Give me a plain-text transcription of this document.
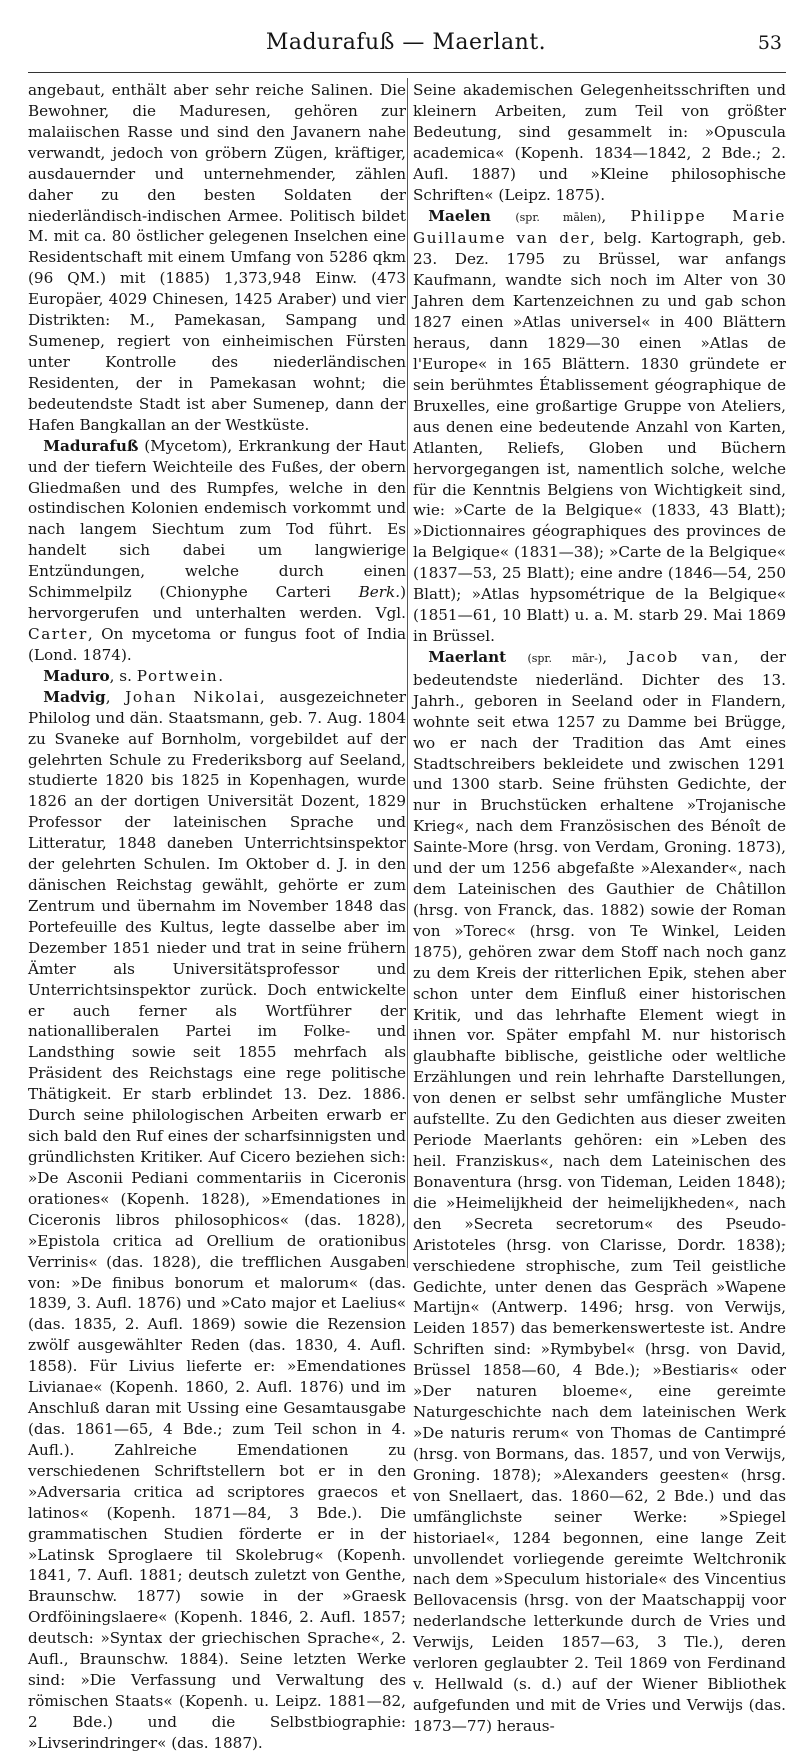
Madurafuß — Maerlant.	53

angebaut, enthält aber sehr reiche Salinen. Die Bewohner, die Maduresen, gehören zur malaiischen Rasse und sind den Javanern nahe verwandt, jedoch von gröbern Zügen, kräftiger, ausdauernder und unternehmender, zählen daher zu den besten Soldaten der niederländisch-indischen Armee. Politisch bildet M. mit ca. 80 östlicher gelegenen Inselchen eine Residentschaft mit einem Umfang von 5286 qkm (96 QM.) mit (1885) 1,373,948 Einw. (473 Europäer, 4029 Chinesen, 1425 Araber) und vier Distrikten: M., Pamekasan, Sampang und Sumenep, regiert von einheimischen Fürsten unter Kontrolle des niederländischen Residenten, der in Pamekasan wohnt; die bedeutendste Stadt ist aber Sumenep, dann der Hafen Bangkallan an der Westküste.

 Madurafuß (Mycetom), Erkrankung der Haut und der tiefern Weichteile des Fußes, der obern Gliedmaßen und des Rumpfes, welche in den ostindischen Kolonien endemisch vorkommt und nach langem Siechtum zum Tod führt. Es handelt sich dabei um langwierige Entzündungen, welche durch einen Schimmelpilz (Chionyphe Carteri Berk.) hervorgerufen und unterhalten werden. Vgl. Carter, On mycetoma or fungus foot of India (Lond. 1874).

 Maduro, s. Portwein.

 Madvig, Johan Nikolai, ausgezeichneter Philolog und dän. Staatsmann, geb. 7. Aug. 1804 zu Svaneke auf Bornholm, vorgebildet auf der gelehrten Schule zu Frederiksborg auf Seeland, studierte 1820 bis 1825 in Kopenhagen, wurde 1826 an der dortigen Universität Dozent, 1829 Professor der lateinischen Sprache und Litteratur, 1848 daneben Unterrichtsinspektor der gelehrten Schulen. Im Oktober d. J. in den dänischen Reichstag gewählt, gehörte er zum Zentrum und übernahm im November 1848 das Portefeuille des Kultus, legte dasselbe aber im Dezember 1851 nieder und trat in seine frühern Ämter als Universitätsprofessor und Unterrichtsinspektor zurück. Doch entwickelte er auch ferner als Wortführer der nationalliberalen Partei im Folke- und Landsthing sowie seit 1855 mehrfach als Präsident des Reichstags eine rege politische Thätigkeit. Er starb erblindet 13. Dez. 1886. Durch seine philologischen Arbeiten erwarb er sich bald den Ruf eines der scharfsinnigsten und gründlichsten Kritiker. Auf Cicero beziehen sich: »De Asconii Pediani commentariis in Ciceronis orationes« (Kopenh. 1828), »Emendationes in Ciceronis libros philosophicos« (das. 1828), »Epistola critica ad Orellium de orationibus Verrinis« (das. 1828), die trefflichen Ausgaben von: »De finibus bonorum et malorum« (das. 1839, 3. Aufl. 1876) und »Cato major et Laelius« (das. 1835, 2. Aufl. 1869) sowie die Rezension zwölf ausgewählter Reden (das. 1830, 4. Aufl. 1858). Für Livius lieferte er: »Emendationes Livianae« (Kopenh. 1860, 2. Aufl. 1876) und im Anschluß daran mit Ussing eine Gesamtausgabe (das. 1861—65, 4 Bde.; zum Teil schon in 4. Aufl.). Zahlreiche Emendationen zu verschiedenen Schriftstellern bot er in den »Adversaria critica ad scriptores graecos et latinos« (Kopenh. 1871—84, 3 Bde.). Die grammatischen Studien förderte er in der »Latinsk Sproglaere til Skolebrug« (Kopenh. 1841, 7. Aufl. 1881; deutsch zuletzt von Genthe, Braunschw. 1877) sowie in der »Graesk Ordföiningslaere« (Kopenh. 1846, 2. Aufl. 1857; deutsch: »Syntax der griechischen Sprache«, 2. Aufl., Braunschw. 1884). Seine letzten Werke sind: »Die Verfassung und Verwaltung des römischen Staats« (Kopenh. u. Leipz. 1881—82, 2 Bde.) und die Selbstbiographie: »Livserindringer« (das. 1887).

Seine akademischen Gelegenheitsschriften und kleinern Arbeiten, zum Teil von größter Bedeutung, sind gesammelt in: »Opuscula academica« (Kopenh. 1834—1842, 2 Bde.; 2. Aufl. 1887) und »Kleine philosophische Schriften« (Leipz. 1875).

 Maelen (spr. mālen), Philippe Marie Guillaume van der, belg. Kartograph, geb. 23. Dez. 1795 zu Brüssel, war anfangs Kaufmann, wandte sich noch im Alter von 30 Jahren dem Kartenzeichnen zu und gab schon 1827 einen »Atlas universel« in 400 Blättern heraus, dann 1829—30 einen »Atlas de l'Europe« in 165 Blättern. 1830 gründete er sein berühmtes Établissement géographique de Bruxelles, eine großartige Gruppe von Ateliers, aus denen eine bedeutende Anzahl von Karten, Atlanten, Reliefs, Globen und Büchern hervorgegangen ist, namentlich solche, welche für die Kenntnis Belgiens von Wichtigkeit sind, wie: »Carte de la Belgique« (1833, 43 Blatt); »Dictionnaires géographiques des provinces de la Belgique« (1831—38); »Carte de la Belgique« (1837—53, 25 Blatt); eine andre (1846—54, 250 Blatt); »Atlas hypsométrique de la Belgique« (1851—61, 10 Blatt) u. a. M. starb 29. Mai 1869 in Brüssel.

 Maerlant (spr. mār-), Jacob van, der bedeutendste niederländ. Dichter des 13. Jahrh., geboren in Seeland oder in Flandern, wohnte seit etwa 1257 zu Damme bei Brügge, wo er nach der Tradition das Amt eines Stadtschreibers bekleidete und zwischen 1291 und 1300 starb. Seine frühsten Gedichte, der nur in Bruchstücken erhaltene »Trojanische Krieg«, nach dem Französischen des Bénoît de Sainte-More (hrsg. von Verdam, Groning. 1873), und der um 1256 abgefaßte »Alexander«, nach dem Lateinischen des Gauthier de Châtillon (hrsg. von Franck, das. 1882) sowie der Roman von »Torec« (hrsg. von Te Winkel, Leiden 1875), gehören zwar dem Stoff nach noch ganz zu dem Kreis der ritterlichen Epik, stehen aber schon unter dem Einfluß einer historischen Kritik, und das lehrhafte Element wiegt in ihnen vor. Später empfahl M. nur historisch glaubhafte biblische, geistliche oder weltliche Erzählungen und rein lehrhafte Darstellungen, von denen er selbst sehr umfängliche Muster aufstellte. Zu den Gedichten aus dieser zweiten Periode Maerlants gehören: ein »Leben des heil. Franziskus«, nach dem Lateinischen des Bonaventura (hrsg. von Tideman, Leiden 1848); die »Heimelijkheid der heimelijkheden«, nach den »Secreta secretorum« des Pseudo-Aristoteles (hrsg. von Clarisse, Dordr. 1838); verschiedene strophische, zum Teil geistliche Gedichte, unter denen das Gespräch »Wapene Martijn« (Antwerp. 1496; hrsg. von Verwijs, Leiden 1857) das bemerkenswerteste ist. Andre Schriften sind: »Rymbybel« (hrsg. von David, Brüssel 1858—60, 4 Bde.); »Bestiaris« oder »Der naturen bloeme«, eine gereimte Naturgeschichte nach dem lateinischen Werk »De naturis rerum« von Thomas de Cantimpré (hrsg. von Bormans, das. 1857, und von Verwijs, Groning. 1878); »Alexanders geesten« (hrsg. von Snellaert, das. 1860—62, 2 Bde.) und das umfänglichste seiner Werke: »Spiegel historiael«, 1284 begonnen, eine lange Zeit unvollendet vorliegende gereimte Weltchronik nach dem »Speculum historiale« des Vincentius Bellovacensis (hrsg. von der Maatschappij voor nederlandsche letterkunde durch de Vries und Verwijs, Leiden 1857—63, 3 Tle.), deren verloren geglaubter 2. Teil 1869 von Ferdinand v. Hellwald (s. d.) auf der Wiener Bibliothek aufgefunden und mit de Vries und Verwijs (das. 1873—77) heraus-
